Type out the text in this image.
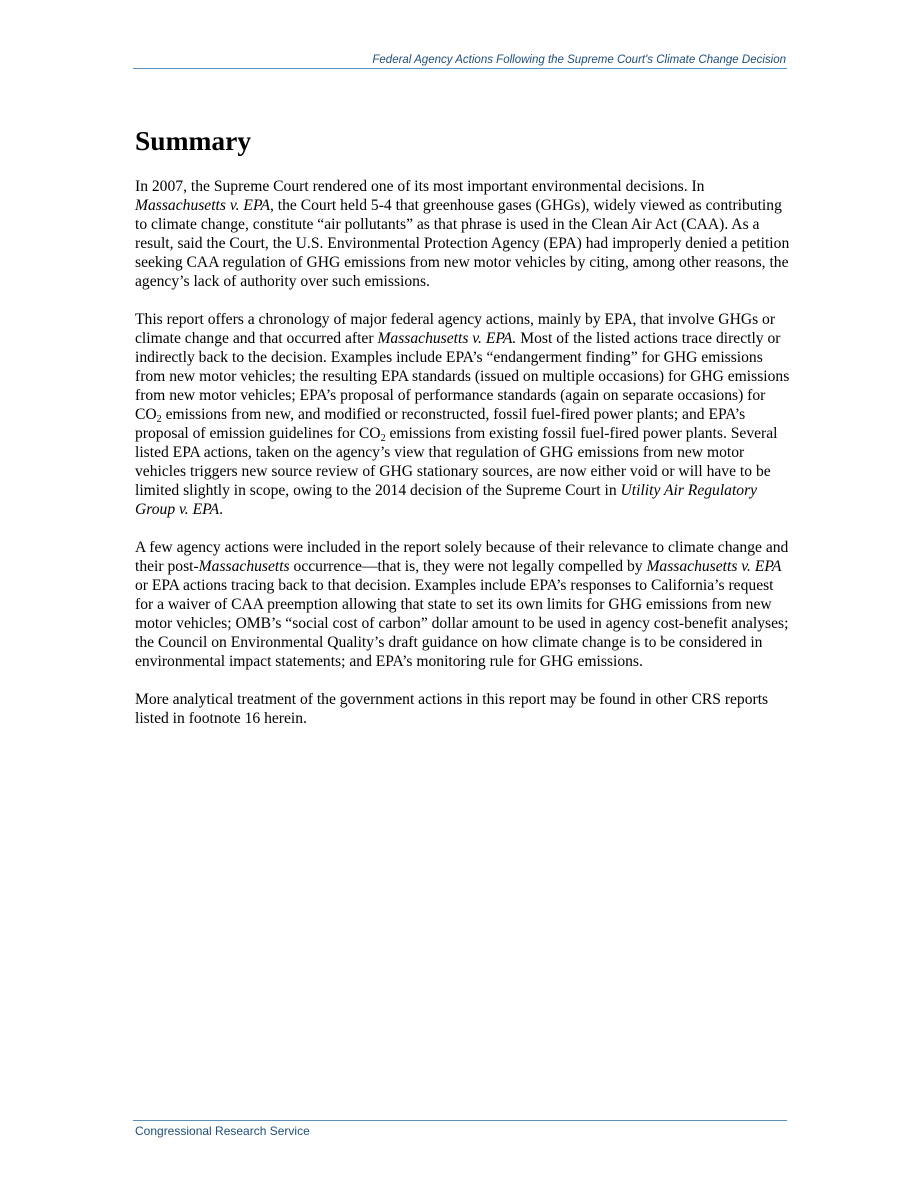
Federal Agency Actions Following the Supreme Court's Climate Change Decision
Summary

In 2007, the Supreme Court rendered one of its most important environmental decisions. In Massachusetts v. EPA, the Court held 5-4 that greenhouse gases (GHGs), widely viewed as contributing to climate change, constitute “air pollutants” as that phrase is used in the Clean Air Act (CAA). As a result, said the Court, the U.S. Environmental Protection Agency (EPA) had improperly denied a petition seeking CAA regulation of GHG emissions from new motor vehicles by citing, among other reasons, the agency’s lack of authority over such emissions.

This report offers a chronology of major federal agency actions, mainly by EPA, that involve GHGs or climate change and that occurred after Massachusetts v. EPA. Most of the listed actions trace directly or indirectly back to the decision. Examples include EPA’s “endangerment finding” for GHG emissions from new motor vehicles; the resulting EPA standards (issued on multiple occasions) for GHG emissions from new motor vehicles; EPA’s proposal of performance standards (again on separate occasions) for $CO_2$ emissions from new, and modified or reconstructed, fossil fuel-fired power plants; and EPA’s proposal of emission guidelines for $CO_2$ emissions from existing fossil fuel-fired power plants. Several listed EPA actions, taken on the agency’s view that regulation of GHG emissions from new motor vehicles triggers new source review of GHG stationary sources, are now either void or will have to be limited slightly in scope, owing to the 2014 decision of the Supreme Court in Utility Air Regulatory Group v. EPA.

A few agency actions were included in the report solely because of their relevance to climate change and their post-Massachusetts occurrence—that is, they were not legally compelled by Massachusetts v. EPA or EPA actions tracing back to that decision. Examples include EPA’s responses to California’s request for a waiver of CAA preemption allowing that state to set its own limits for GHG emissions from new motor vehicles; OMB’s “social cost of carbon” dollar amount to be used in agency cost-benefit analyses; the Council on Environmental Quality’s draft guidance on how climate change is to be considered in environmental impact statements; and EPA’s monitoring rule for GHG emissions.

More analytical treatment of the government actions in this report may be found in other CRS reports listed in footnote 16 herein.

Congressional Research Service
